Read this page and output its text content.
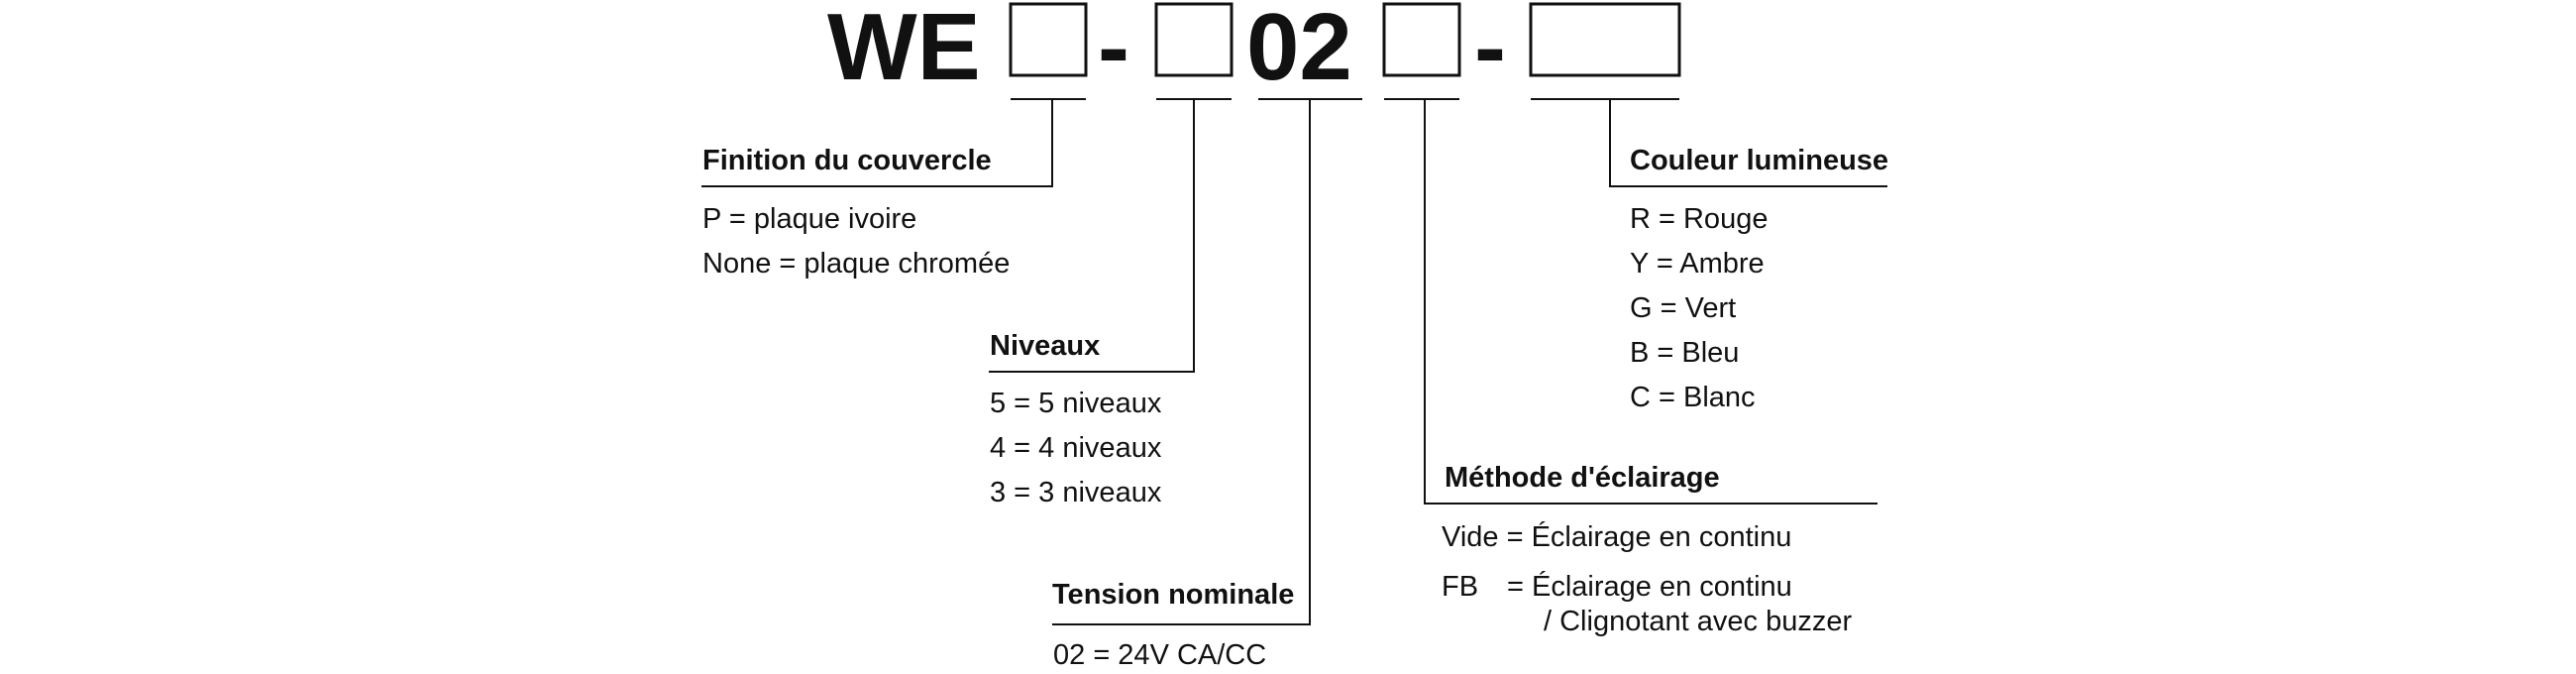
WE - 02 -
Finition du couvercle
P = plaque ivoire
None = plaque chromée
Niveaux
5 = 5 niveaux
4 = 4 niveaux
3 = 3 niveaux
Tension nominale
02 = 24V CA/CC
Méthode d'éclairage
Vide = Éclairage en continu
FB = Éclairage en continu
/ Clignotant avec buzzer
Couleur lumineuse
R = Rouge
Y = Ambre
G = Vert
B = Bleu
C = Blanc
